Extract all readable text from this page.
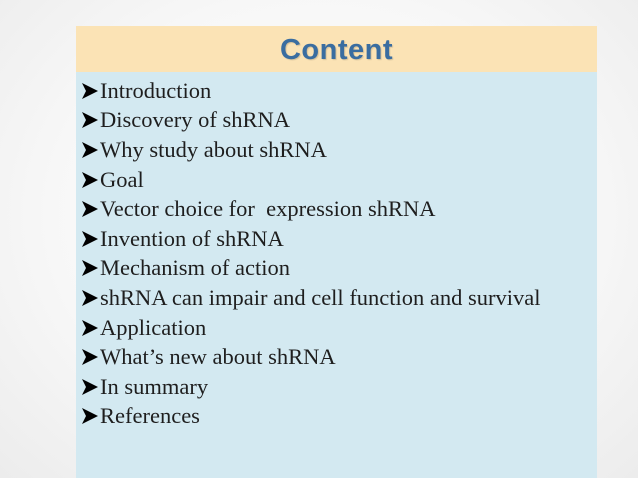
Content
Introduction
Discovery of shRNA
Why study about shRNA
Goal
Vector choice for  expression shRNA
Invention of shRNA
Mechanism of action
shRNA can impair and cell function and survival
Application
What’s new about shRNA
In summary
References
